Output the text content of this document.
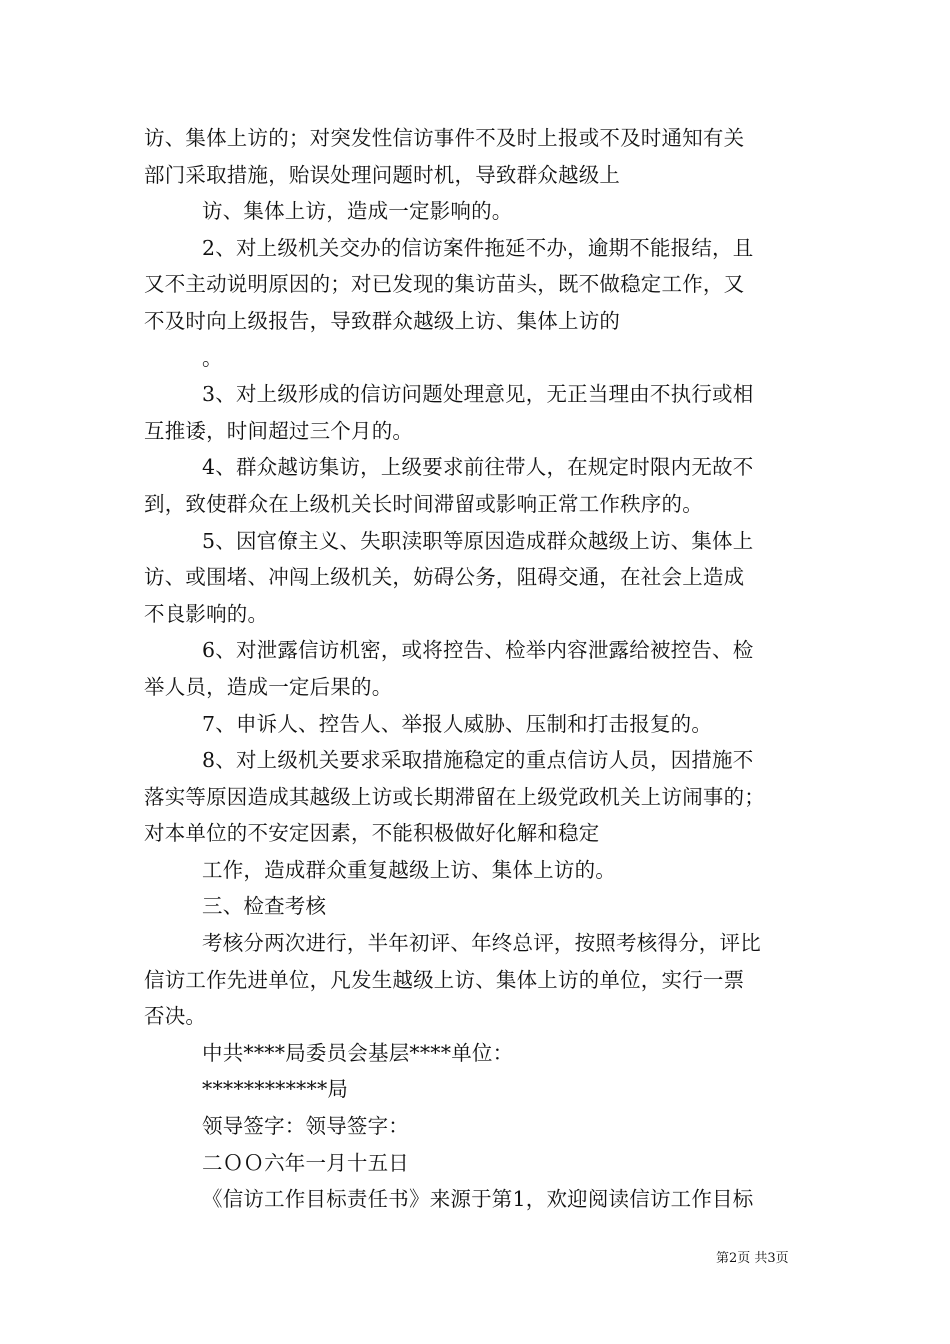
访、集体上访的；对突发性信访事件不及时上报或不及时通知有关
部门采取措施，贻误处理问题时机，导致群众越级上
访、集体上访，造成一定影响的。
2、对上级机关交办的信访案件拖延不办，逾期不能报结，且
又不主动说明原因的；对已发现的集访苗头，既不做稳定工作，又
不及时向上级报告，导致群众越级上访、集体上访的
。
3、对上级形成的信访问题处理意见，无正当理由不执行或相
互推诿，时间超过三个月的。
4、群众越访集访，上级要求前往带人，在规定时限内无故不
到，致使群众在上级机关长时间滞留或影响正常工作秩序的。
5、因官僚主义、失职渎职等原因造成群众越级上访、集体上
访、或围堵、冲闯上级机关，妨碍公务，阻碍交通，在社会上造成
不良影响的。
6、对泄露信访机密，或将控告、检举内容泄露给被控告、检
举人员，造成一定后果的。
7、申诉人、控告人、举报人威胁、压制和打击报复的。
8、对上级机关要求采取措施稳定的重点信访人员，因措施不
落实等原因造成其越级上访或长期滞留在上级党政机关上访闹事的；
对本单位的不安定因素，不能积极做好化解和稳定
工作，造成群众重复越级上访、集体上访的。
三、检查考核
考核分两次进行，半年初评、年终总评，按照考核得分，评比
信访工作先进单位，凡发生越级上访、集体上访的单位，实行一票
否决。
中共****局委员会基层****单位：
************局
领导签字：领导签字：
二ＯＯ六年一月十五日
《信访工作目标责任书》来源于第1，欢迎阅读信访工作目标
第2页 共3页
